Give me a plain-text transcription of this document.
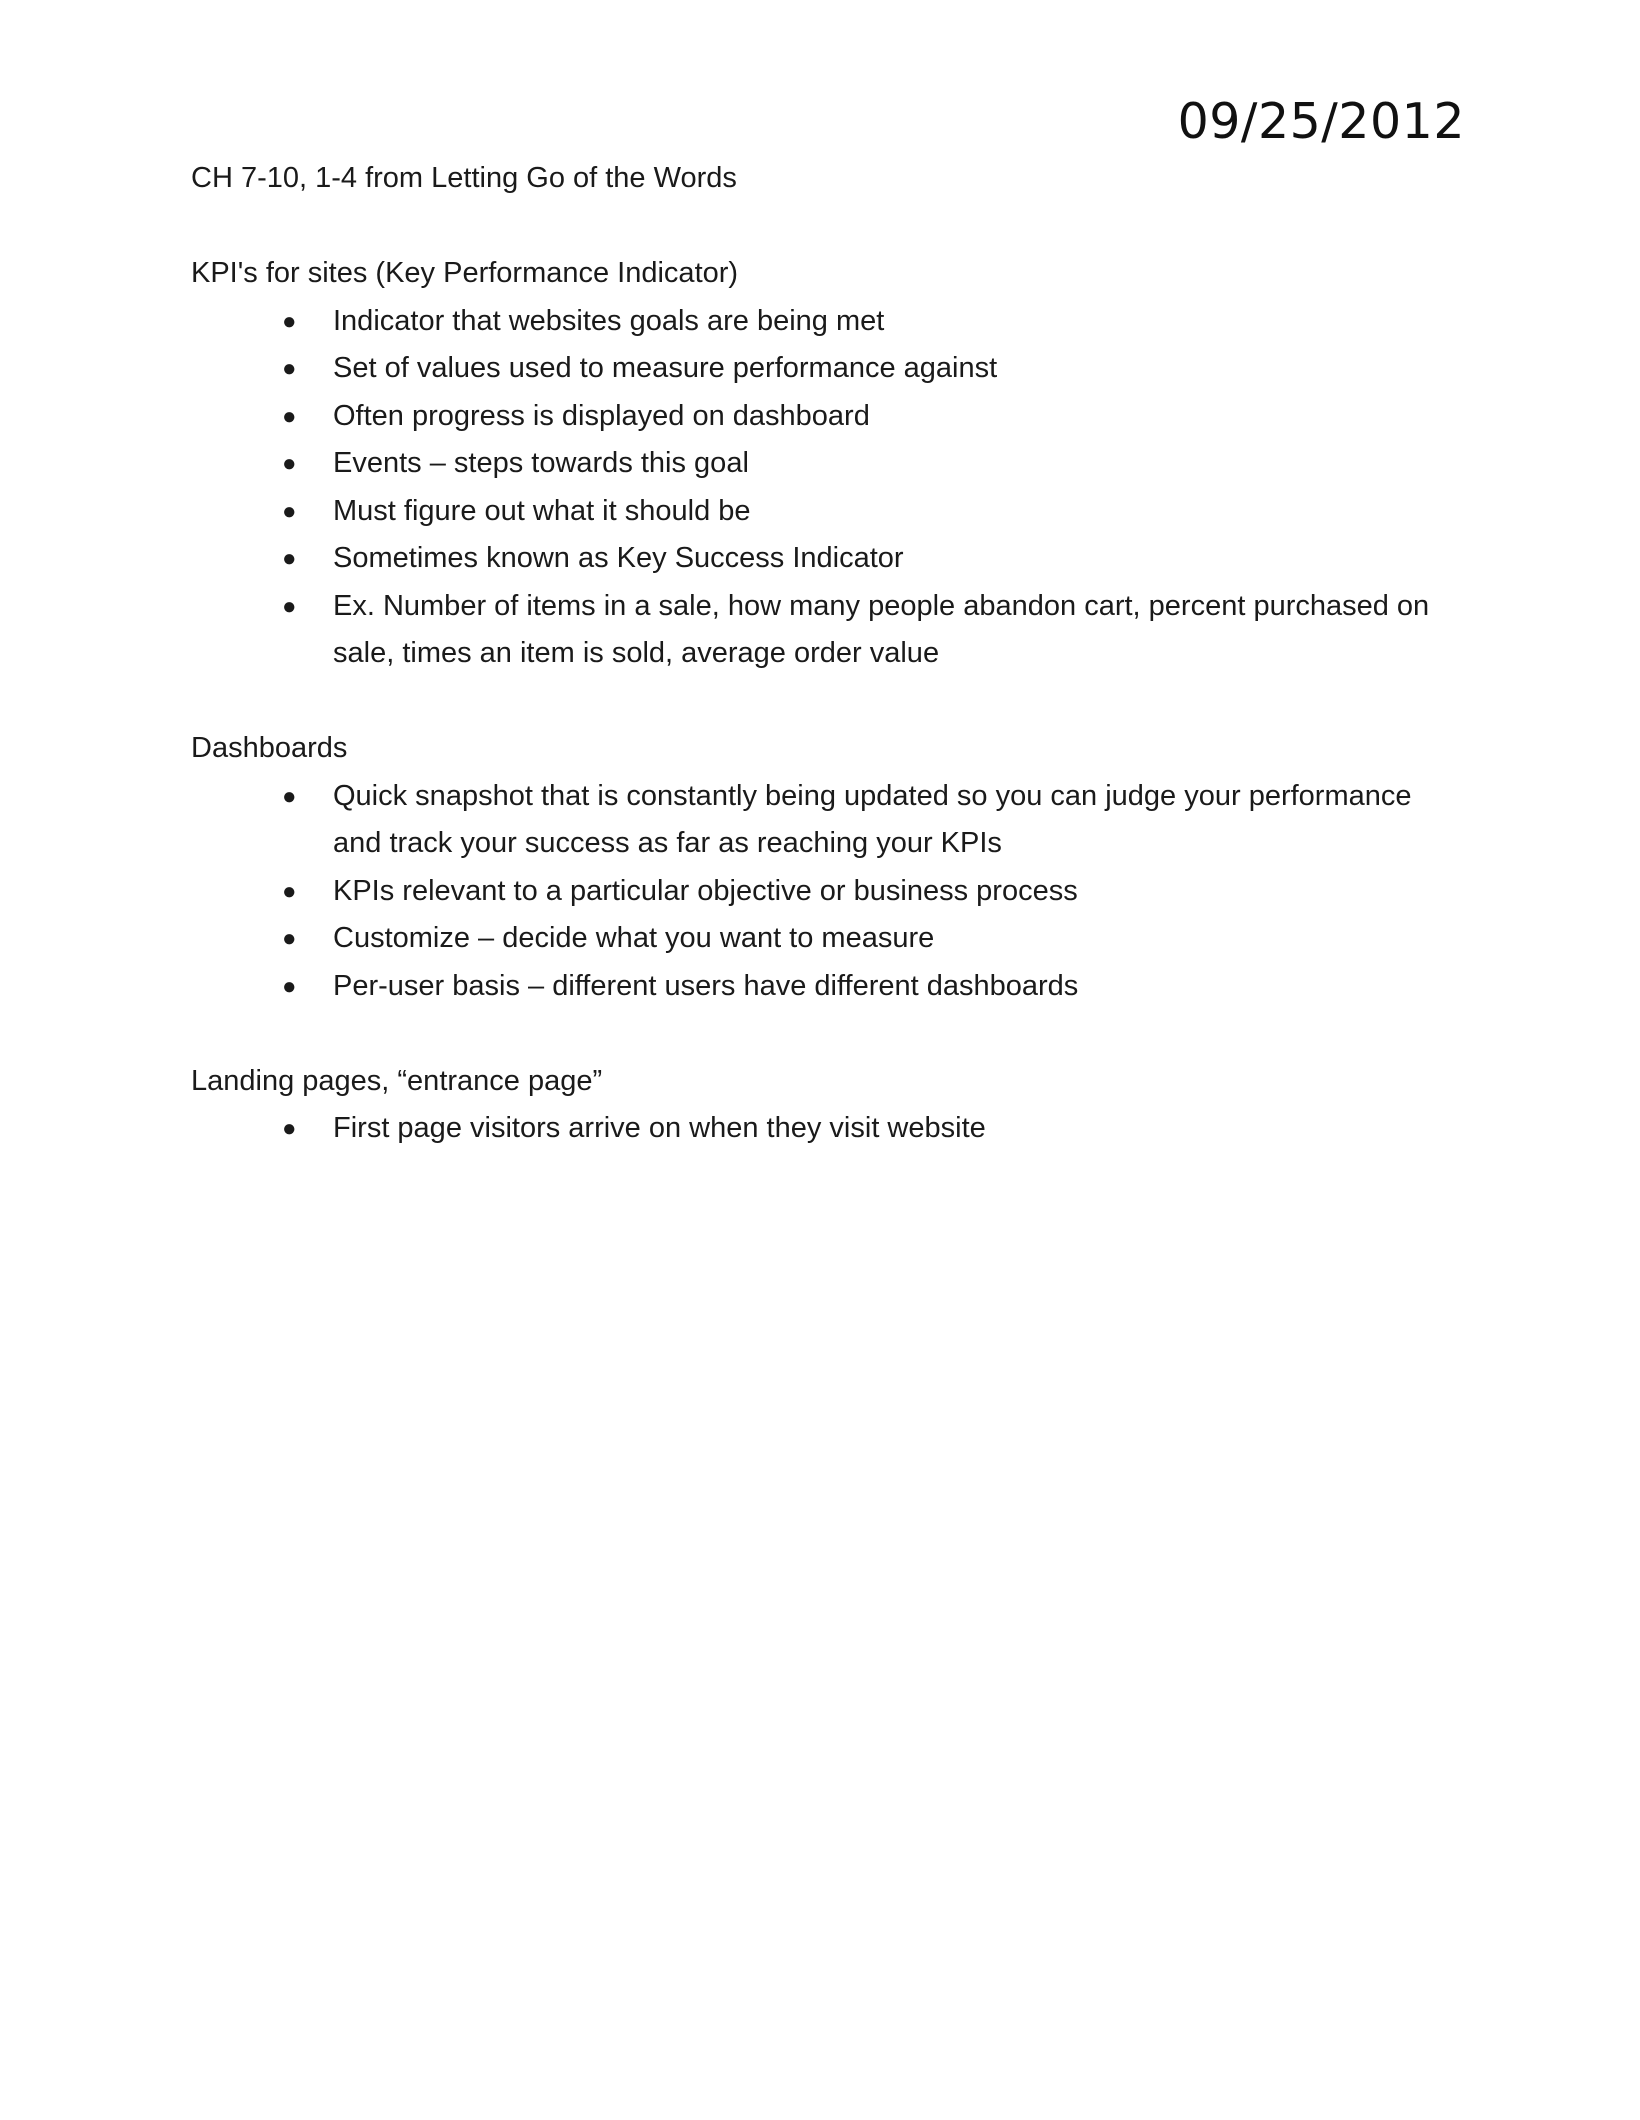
09/25/2012

CH 7-10, 1-4 from Letting Go of the Words

KPI's for sites (Key Performance Indicator)
● Indicator that websites goals are being met
● Set of values used to measure performance against
● Often progress is displayed on dashboard
● Events – steps towards this goal
● Must figure out what it should be
● Sometimes known as Key Success Indicator
● Ex. Number of items in a sale, how many people abandon cart, percent purchased on sale, times an item is sold, average order value
Dashboards
● Quick snapshot that is constantly being updated so you can judge your performance and track your success as far as reaching your KPIs
● KPIs relevant to a particular objective or business process
● Customize – decide what you want to measure
● Per-user basis – different users have different dashboards
Landing pages, “entrance page”
● First page visitors arrive on when they visit website
